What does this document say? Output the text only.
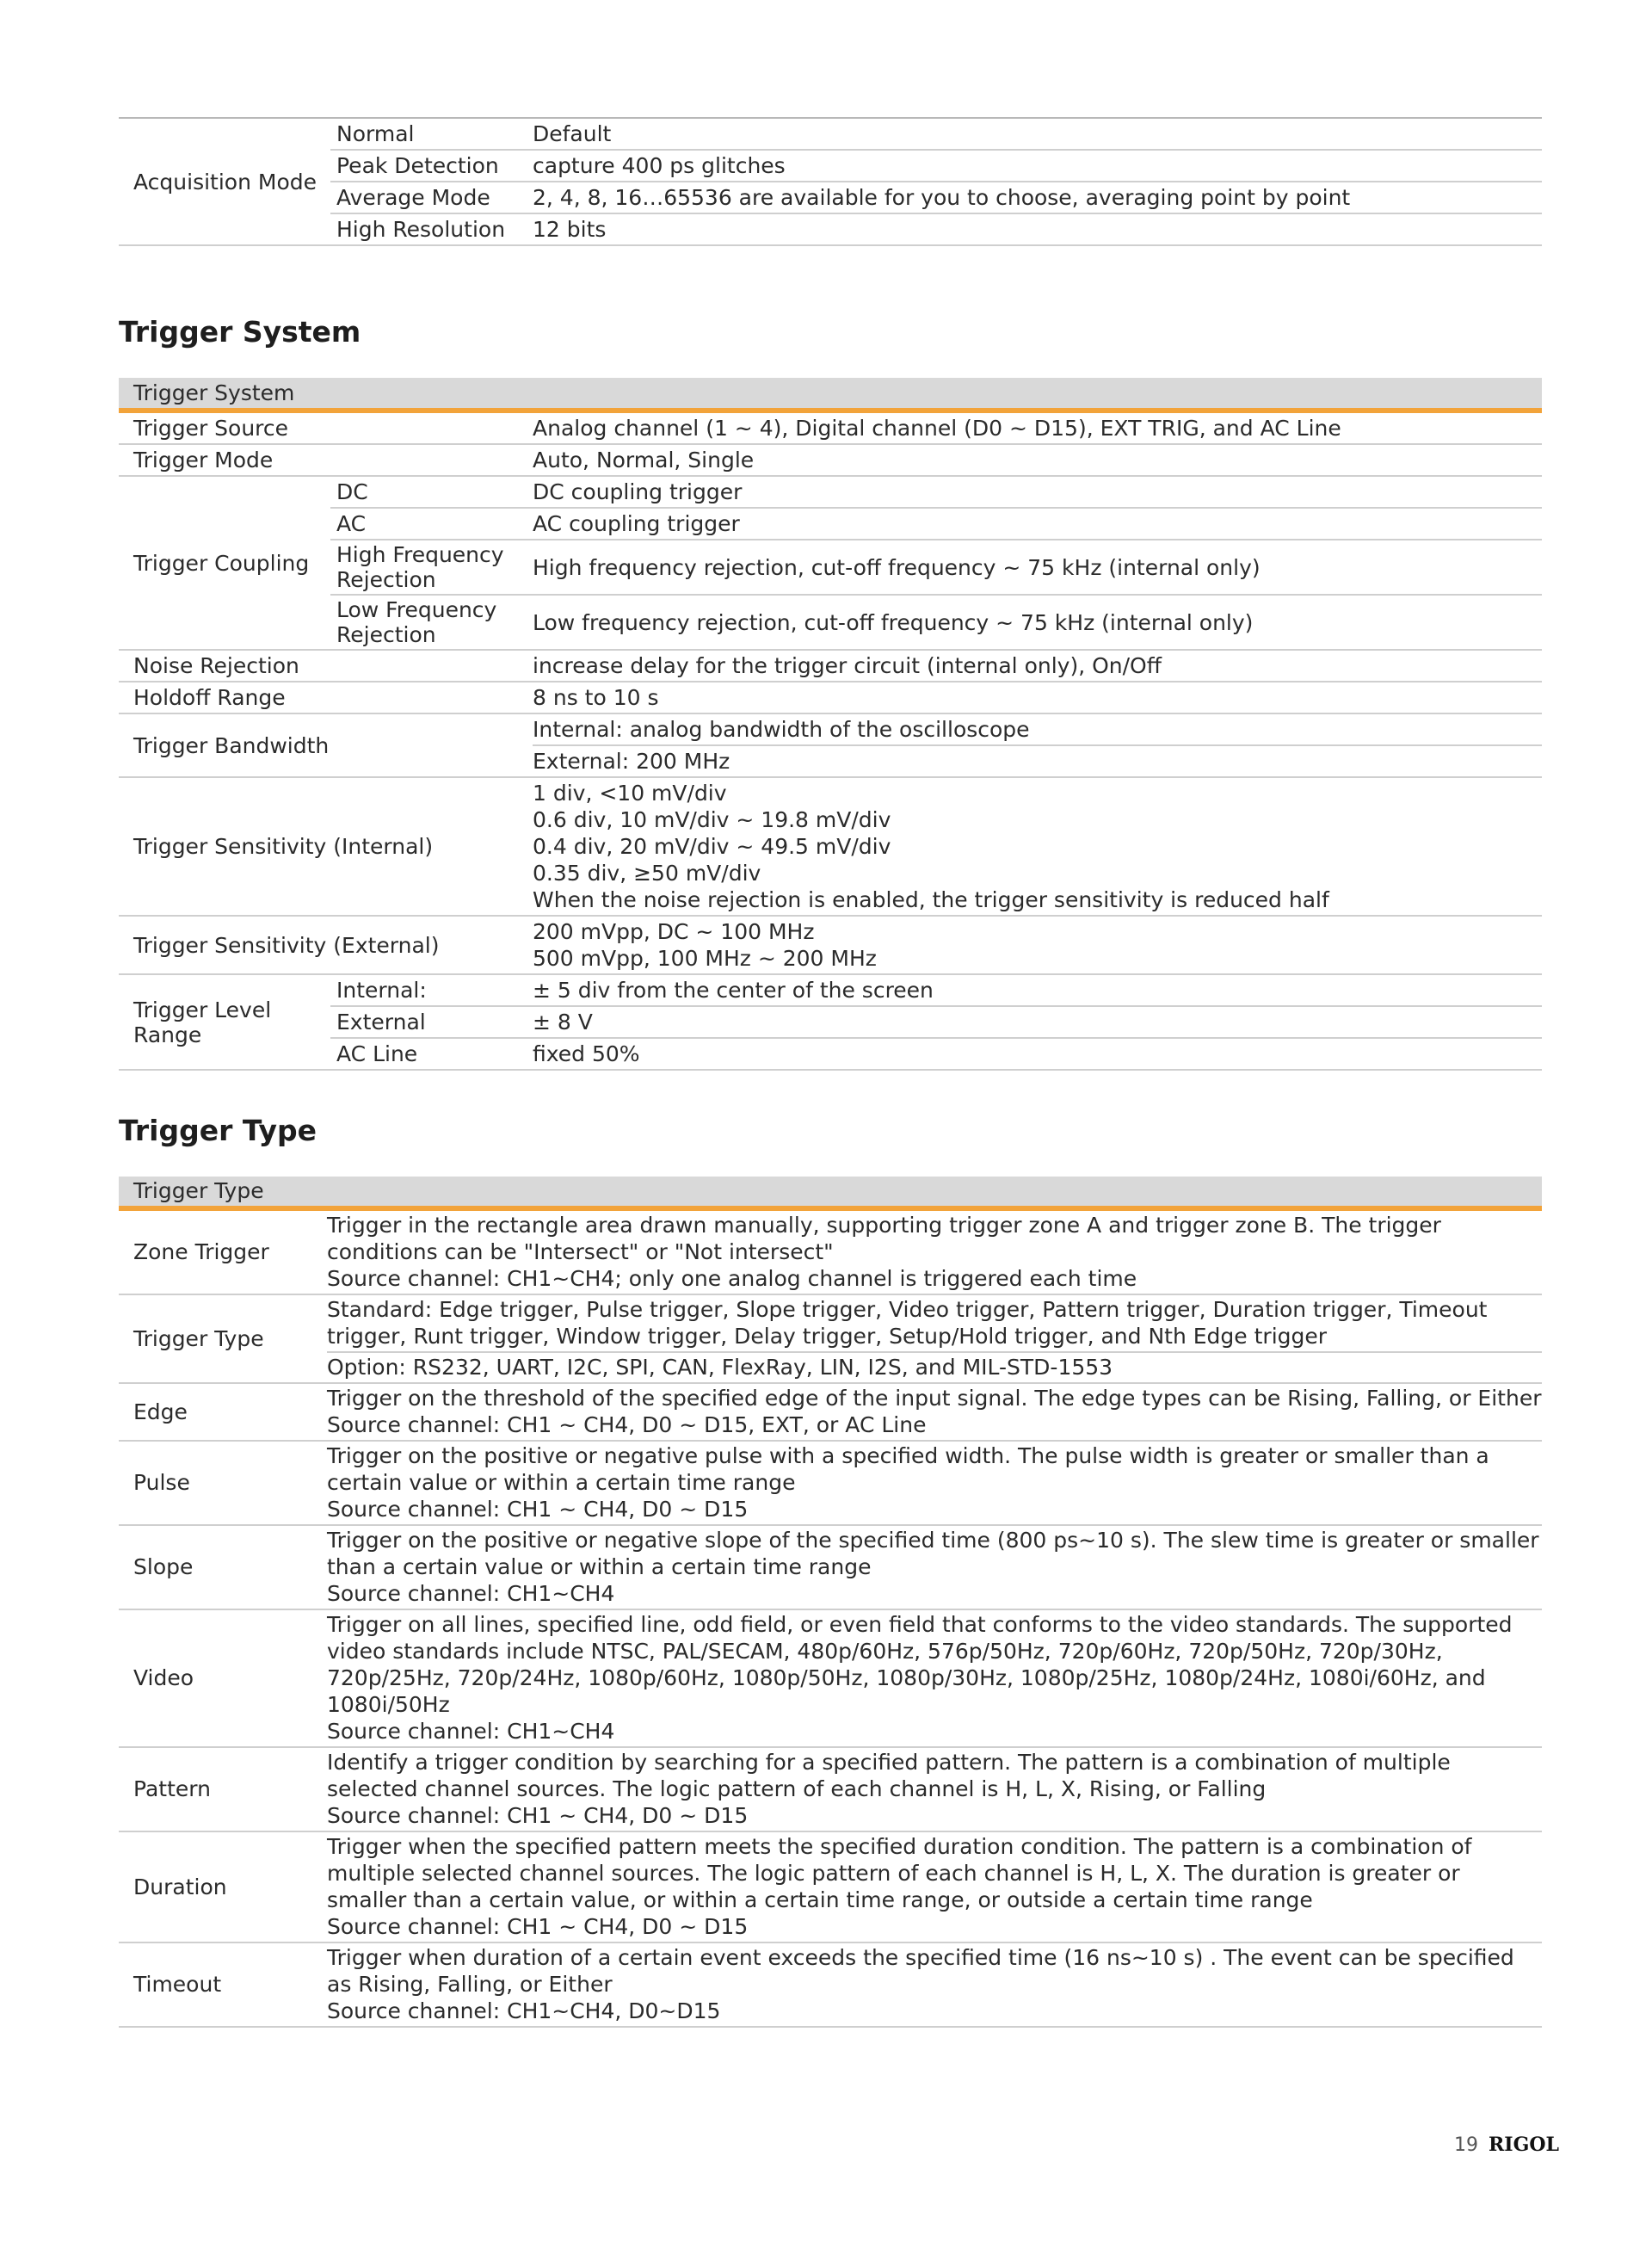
Acquisition Mode	Normal	Default
	Peak Detection	capture 400 ps glitches
	Average Mode	2, 4, 8, 16…65536 are available for you to choose, averaging point by point
	High Resolution	12 bits
Trigger System
Trigger System		
Trigger Source		Analog channel (1 ~ 4), Digital channel (D0 ~ D15), EXT TRIG, and AC Line
Trigger Mode		Auto, Normal, Single
Trigger Coupling	DC	DC coupling trigger
	AC	AC coupling trigger
	High Frequency Rejection	High frequency rejection, cut-off frequency ~ 75 kHz (internal only)
	Low Frequency Rejection	Low frequency rejection, cut-off frequency ~ 75 kHz (internal only)
Noise Rejection		increase delay for the trigger circuit (internal only), On/Off
Holdoff Range		8 ns to 10 s
Trigger Bandwidth		Internal: analog bandwidth of the oscilloscope
		External: 200 MHz
Trigger Sensitivity (Internal)		1 div, <10 mV/div
0.6 div, 10 mV/div ~ 19.8 mV/div
0.4 div, 20 mV/div ~ 49.5 mV/div
0.35 div, ≥50 mV/div
When the noise rejection is enabled, the trigger sensitivity is reduced half

Trigger Sensitivity (External)		200 mVpp, DC ~ 100 MHz
500 mVpp, 100 MHz ~ 200 MHz

Trigger Level Range	Internal:	± 5 div from the center of the screen
	External	± 8 V
	AC Line	fixed 50%
Trigger Type
Trigger Type	
Zone Trigger	Trigger in the rectangle area drawn manually, supporting trigger zone A and trigger zone B. The trigger conditions can be "Intersect" or "Not intersect"
Source channel: CH1~CH4; only one analog channel is triggered each time

Trigger Type	Standard: Edge trigger, Pulse trigger, Slope trigger, Video trigger, Pattern trigger, Duration trigger, Timeout trigger, Runt trigger, Window trigger, Delay trigger, Setup/Hold trigger, and Nth Edge trigger

	Option: RS232, UART, I2C, SPI, CAN, FlexRay, LIN, I2S, and MIL-STD-1553
Edge	Trigger on the threshold of the specified edge of the input signal. The edge types can be Rising, Falling, or Either
Source channel: CH1 ~ CH4, D0 ~ D15, EXT, or AC Line

Pulse	Trigger on the positive or negative pulse with a specified width. The pulse width is greater or smaller than a certain value or within a certain time range
Source channel: CH1 ~ CH4, D0 ~ D15

Slope	Trigger on the positive or negative slope of the specified time (800 ps~10 s). The slew time is greater or smaller than a certain value or within a certain time range
Source channel: CH1~CH4

Video	Trigger on all lines, specified line, odd field, or even field that conforms to the video standards. The supported video standards include NTSC, PAL/SECAM, 480p/60Hz, 576p/50Hz, 720p/60Hz, 720p/50Hz, 720p/30Hz, 720p/25Hz, 720p/24Hz, 1080p/60Hz, 1080p/50Hz, 1080p/30Hz, 1080p/25Hz, 1080p/24Hz, 1080i/60Hz, and 1080i/50Hz
Source channel: CH1~CH4

Pattern	Identify a trigger condition by searching for a specified pattern. The pattern is a combination of multiple selected channel sources. The logic pattern of each channel is H, L, X, Rising, or Falling
Source channel: CH1 ~ CH4, D0 ~ D15

Duration	Trigger when the specified pattern meets the specified duration condition. The pattern is a combination of multiple selected channel sources. The logic pattern of each channel is H, L, X. The duration is greater or smaller than a certain value, or within a certain time range, or outside a certain time range
Source channel: CH1 ~ CH4, D0 ~ D15

Timeout	Trigger when duration of a certain event exceeds the specified time (16 ns~10 s) . The event can be specified as Rising, Falling, or Either
Source channel: CH1~CH4, D0~D15
19 RIGOL
